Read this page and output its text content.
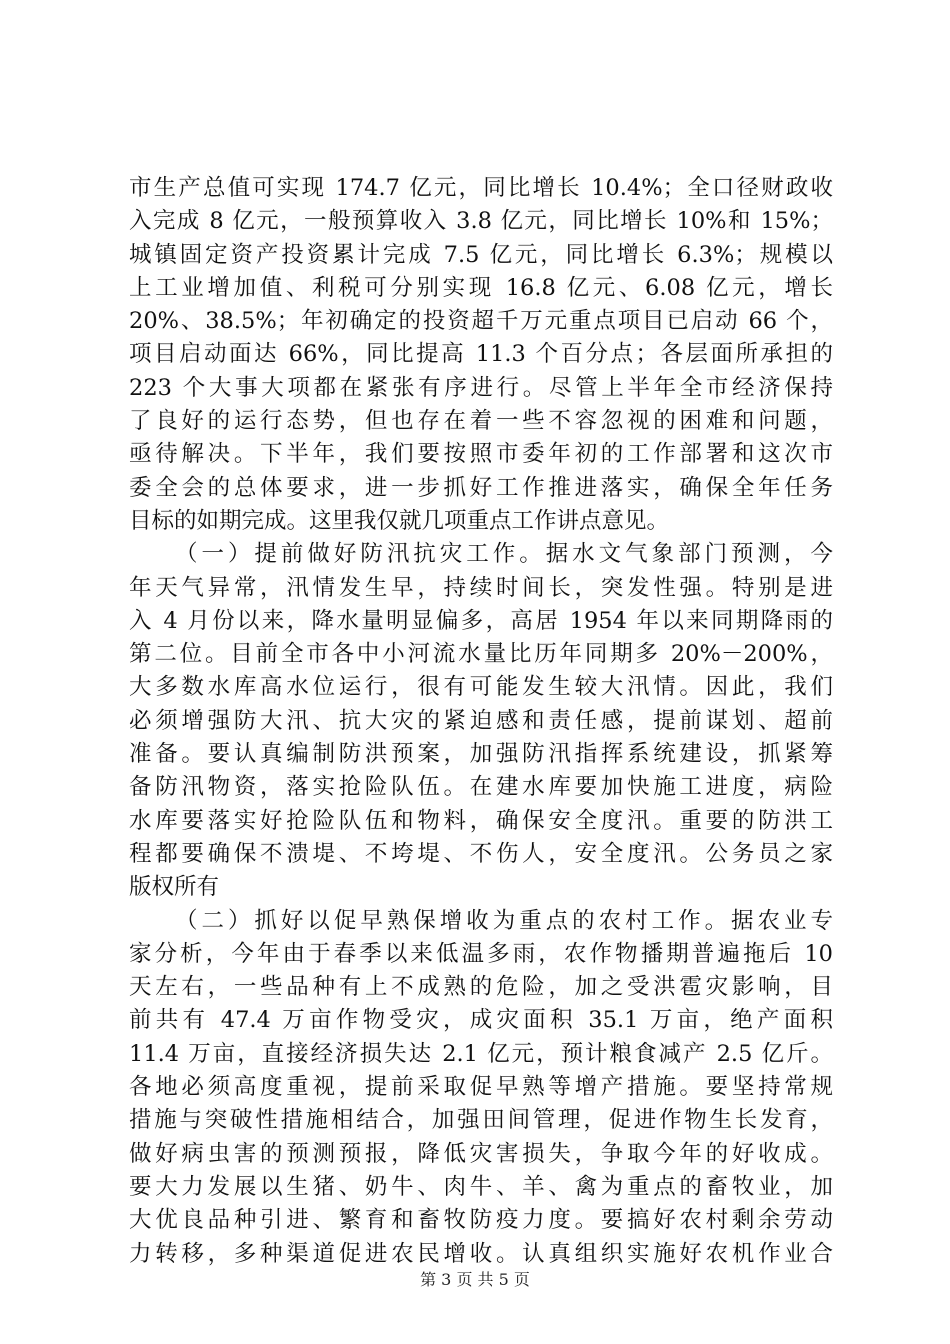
市生产总值可实现 174.7 亿元，同比增长 10.4%；全口径财政收
入完成 8 亿元，一般预算收入 3.8 亿元，同比增长 10%和 15%；
城镇固定资产投资累计完成 7.5 亿元，同比增长 6.3%；规模以
上工业增加值、利税可分别实现 16.8 亿元、6.08 亿元，增长
20%、38.5%；年初确定的投资超千万元重点项目已启动 66 个，
项目启动面达 66%，同比提高 11.3 个百分点；各层面所承担的
223 个大事大项都在紧张有序进行。尽管上半年全市经济保持
了良好的运行态势，但也存在着一些不容忽视的困难和问题，
亟待解决。下半年，我们要按照市委年初的工作部署和这次市
委全会的总体要求，进一步抓好工作推进落实，确保全年任务
目标的如期完成。这里我仅就几项重点工作讲点意见。
（一）提前做好防汛抗灾工作。据水文气象部门预测，今
年天气异常，汛情发生早，持续时间长，突发性强。特别是进
入 4 月份以来，降水量明显偏多，高居 1954 年以来同期降雨的
第二位。目前全市各中小河流水量比历年同期多 20%－200%，
大多数水库高水位运行，很有可能发生较大汛情。因此，我们
必须增强防大汛、抗大灾的紧迫感和责任感，提前谋划、超前
准备。要认真编制防洪预案，加强防汛指挥系统建设，抓紧筹
备防汛物资，落实抢险队伍。在建水库要加快施工进度，病险
水库要落实好抢险队伍和物料，确保安全度汛。重要的防洪工
程都要确保不溃堤、不垮堤、不伤人，安全度汛。公务员之家
版权所有
（二）抓好以促早熟保增收为重点的农村工作。据农业专
家分析，今年由于春季以来低温多雨，农作物播期普遍拖后 10
天左右，一些品种有上不成熟的危险，加之受洪雹灾影响，目
前共有 47.4 万亩作物受灾，成灾面积 35.1 万亩，绝产面积
11.4 万亩，直接经济损失达 2.1 亿元，预计粮食减产 2.5 亿斤。
各地必须高度重视，提前采取促早熟等增产措施。要坚持常规
措施与突破性措施相结合，加强田间管理，促进作物生长发育，
做好病虫害的预测预报，降低灾害损失，争取今年的好收成。
要大力发展以生猪、奶牛、肉牛、羊、禽为重点的畜牧业，加
大优良品种引进、繁育和畜牧防疫力度。要搞好农村剩余劳动
力转移，多种渠道促进农民增收。认真组织实施好农机作业合
第 3 页 共 5 页
